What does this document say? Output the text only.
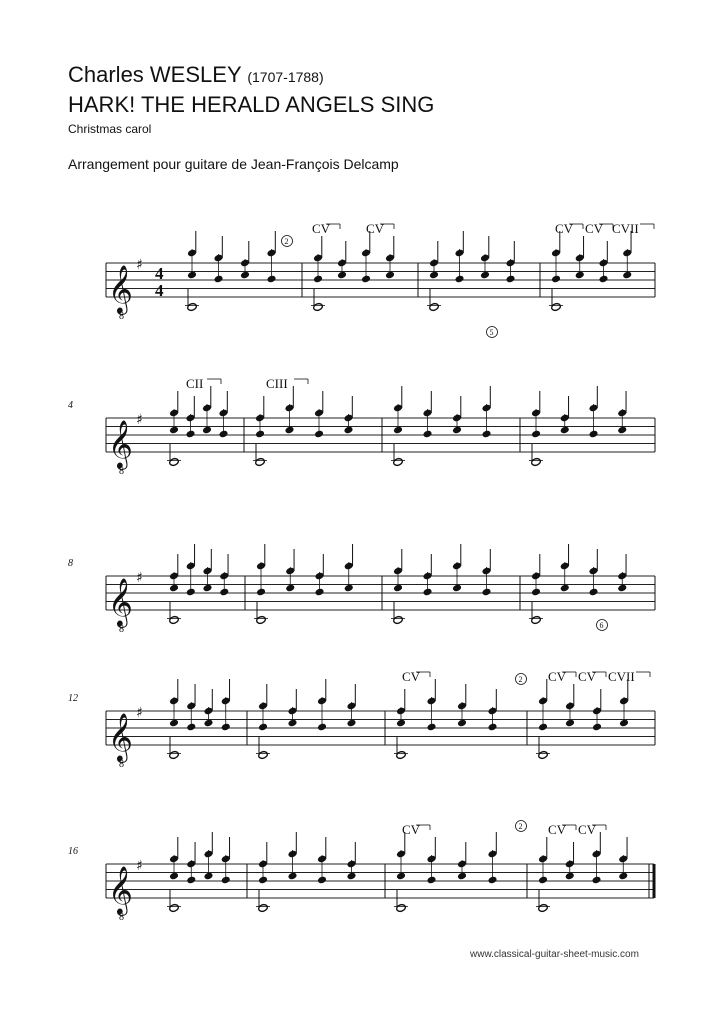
Charles WESLEY (1707-1788)
HARK! THE HERALD ANGELS SING
Christmas carol
Arrangement pour guitare de Jean-François Delcamp
𝄞
8
♯ 4
4
CV	CV	CV CV CVII
2
5
𝄞
8
♯
4
CII	CIII
𝄞
8
♯
8
6
𝄞
8
♯
12
CV	CV CV CVII
2
𝄞
8
♯
16
CV	CV CV
2
www.classical-guitar-sheet-music.com
